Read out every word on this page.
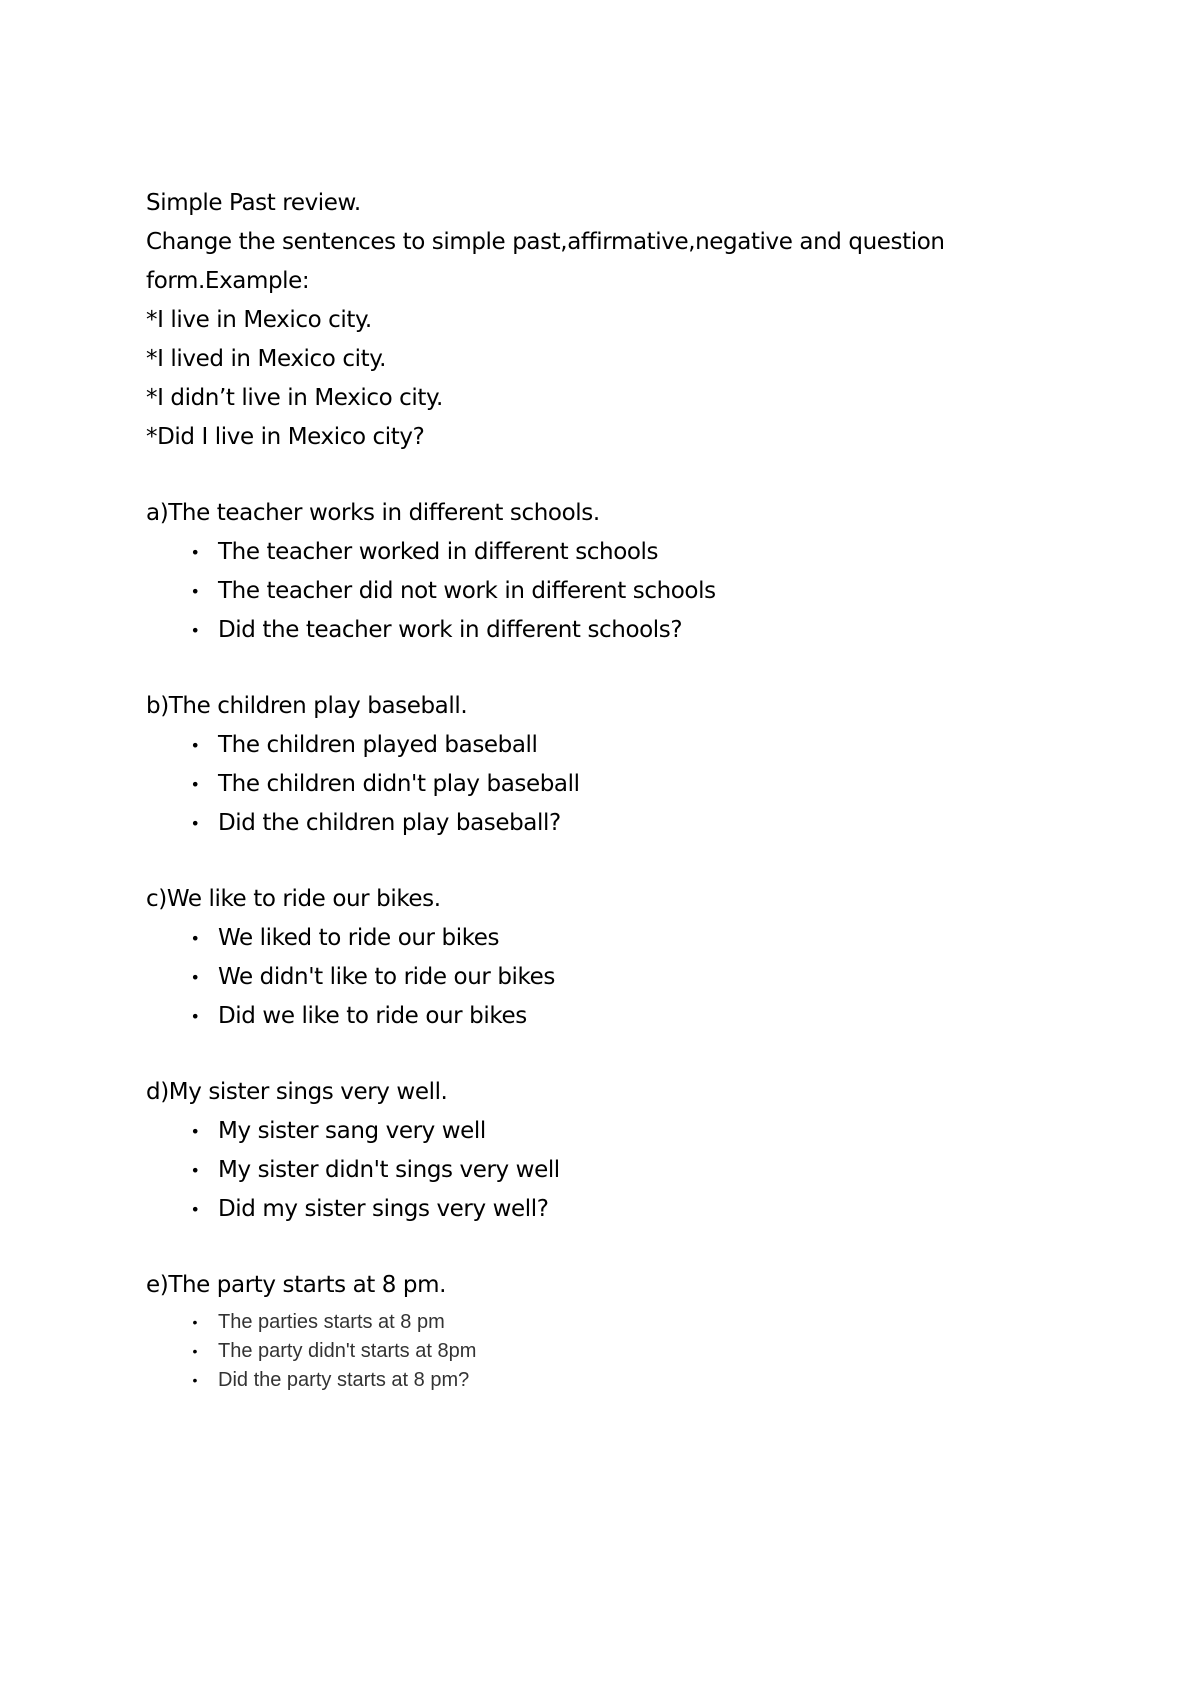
Simple Past review.
Change the sentences to simple past,affirmative,negative and question
form.Example:
*I live in Mexico city.
*I lived in Mexico city.
*I didn’t live in Mexico city.
*Did I live in Mexico city?
a)The teacher works in different schools.
• The teacher worked in different schools
• The teacher did not work in different schools
• Did the teacher work in different schools?
b)The children play baseball.
• The children played baseball
• The children didn't play baseball
• Did the children play baseball?
c)We like to ride our bikes.
• We liked to ride our bikes
• We didn't like to ride our bikes
• Did we like to ride our bikes
d)My sister sings very well.
• My sister sang very well
• My sister didn't sings very well
• Did my sister sings very well?
e)The party starts at 8 pm.
• The parties starts at 8 pm
• The party didn't starts at 8pm
• Did the party starts at 8 pm?
